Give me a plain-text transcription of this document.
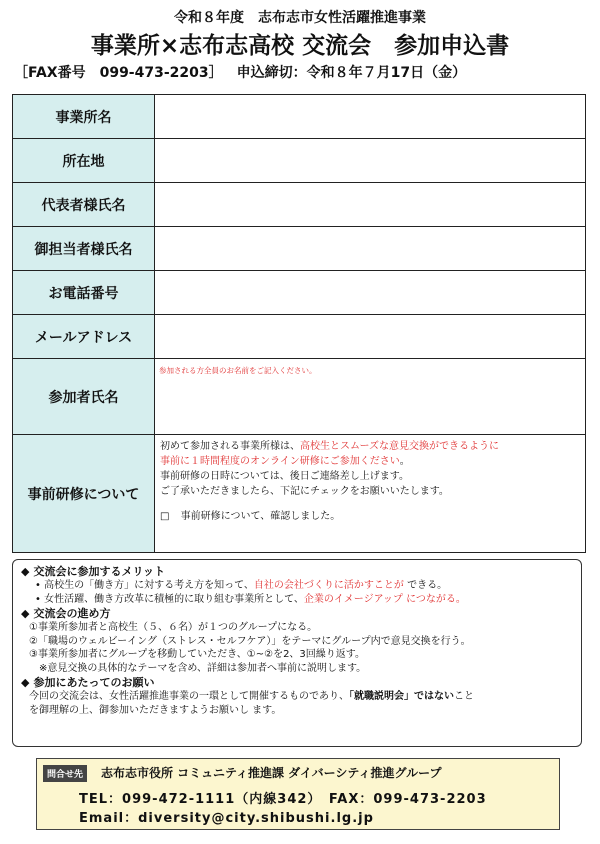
令和８年度　志布志市女性活躍推進事業
事業所×志布志高校 交流会　参加申込書
［FAX番号　099-473-2203］ 申込締切：令和８年７月17日（金）
事業所名	
所在地	
代表者様氏名	
御担当者様氏名	
お電話番号	
メールアドレス	
参加者氏名	参加される方全員のお名前をご記入ください。

事前研修について	初めて参加される事業所様は、高校生とスムーズな意見交換ができるように
事前に１時間程度のオンライン研修にご参加ください。
事前研修の日時については、後日ご連絡差し上げます。
ご了承いただきましたら、下記にチェックをお願いいたします。
□ 事前研修について、確認しました。
◆ 交流会に参加するメリット
• 高校生の「働き方」に対する考え方を知って、自社の会社づくりに活かすことが できる。
• 女性活躍、働き方改革に積極的に取り組む事業所として、企業のイメージアップ につながる。
◆ 交流会の進め方
①事業所参加者と高校生（５、６名）が１つのグループになる。
②「職場のウェルビーイング（ストレス・セルフケア）」をテーマにグループ内で意見交換を行う。
③事業所参加者にグループを移動していただき、①~②を2、3回繰り返す。
※意見交換の具体的なテーマを含め、詳細は参加者へ事前に説明します。
◆ 参加にあたってのお願い
今回の交流会は、女性活躍推進事業の一環として開催するものであり、「就職説明会」ではないこと
を御理解の上、御参加いただきますようお願いし ます。
問合せ先	志布志市役所 コミュニティ推進課 ダイバーシティ推進グループ
TEL：099-472-1111（内線342）　FAX：099-473-2203
Email：diversity@city.shibushi.lg.jp
